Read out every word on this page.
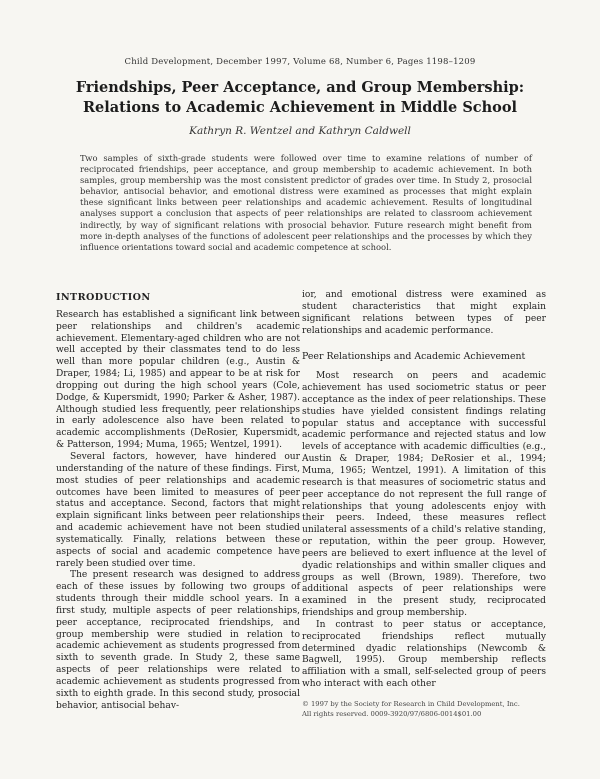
Child Development, December 1997, Volume 68, Number 6, Pages 1198–1209
Friendships, Peer Acceptance, and Group Membership: Relations to Academic Achievement in Middle School
Kathryn R. Wentzel and Kathryn Caldwell
Two samples of sixth-grade students were followed over time to examine relations of number of reciprocated friendships, peer acceptance, and group membership to academic achievement. In both samples, group membership was the most consistent predictor of grades over time. In Study 2, prosocial behavior, antisocial behavior, and emotional distress were examined as processes that might explain these significant links between peer relationships and academic achievement. Results of longitudinal analyses support a conclusion that aspects of peer relationships are related to classroom achievement indirectly, by way of significant relations with prosocial behavior. Future research might benefit from more in-depth analyses of the functions of adolescent peer relationships and the processes by which they influence orientations toward social and academic competence at school.
INTRODUCTION

Research has established a significant link between peer relationships and children's academic achievement. Elementary-aged children who are not well accepted by their classmates tend to do less well than more popular children (e.g., Austin & Draper, 1984; Li, 1985) and appear to be at risk for dropping out during the high school years (Cole, Dodge, & Kupersmidt, 1990; Parker & Asher, 1987). Although studied less frequently, peer relationships in early adolescence also have been related to academic accomplishments (DeRosier, Kupersmidt, & Patterson, 1994; Muma, 1965; Wentzel, 1991).

Several factors, however, have hindered our understanding of the nature of these findings. First, most studies of peer relationships and academic outcomes have been limited to measures of peer status and acceptance. Second, factors that might explain significant links between peer relationships and academic achievement have not been studied systematically. Finally, relations between these aspects of social and academic competence have rarely been studied over time.

The present research was designed to address each of these issues by following two groups of students through their middle school years. In a first study, multiple aspects of peer relationships, peer acceptance, reciprocated friendships, and group membership were studied in relation to academic achievement as students progressed from sixth to seventh grade. In Study 2, these same aspects of peer relationships were related to academic achievement as students progressed from sixth to eighth grade. In this second study, prosocial behavior, antisocial behav-

ior, and emotional distress were examined as student characteristics that might explain significant relations between types of peer relationships and academic performance.

Peer Relationships and Academic Achievement

Most research on peers and academic achievement has used sociometric status or peer acceptance as the index of peer relationships. These studies have yielded consistent findings relating popular status and acceptance with successful academic performance and rejected status and low levels of acceptance with academic difficulties (e.g., Austin & Draper, 1984; DeRosier et al., 1994; Muma, 1965; Wentzel, 1991). A limitation of this research is that measures of sociometric status and peer acceptance do not represent the full range of relationships that young adolescents enjoy with their peers. Indeed, these measures reflect unilateral assessments of a child's relative standing, or reputation, within the peer group. However, peers are believed to exert influence at the level of dyadic relationships and within smaller cliques and groups as well (Brown, 1989). Therefore, two additional aspects of peer relationships were examined in the present study, reciprocated friendships and group membership.

In contrast to peer status or acceptance, reciprocated friendships reflect mutually determined dyadic relationships (Newcomb & Bagwell, 1995). Group membership reflects affiliation with a small, self-selected group of peers who interact with each other

© 1997 by the Society for Research in Child Development, Inc.
All rights reserved. 0009-3920/97/6806-0014$01.00
